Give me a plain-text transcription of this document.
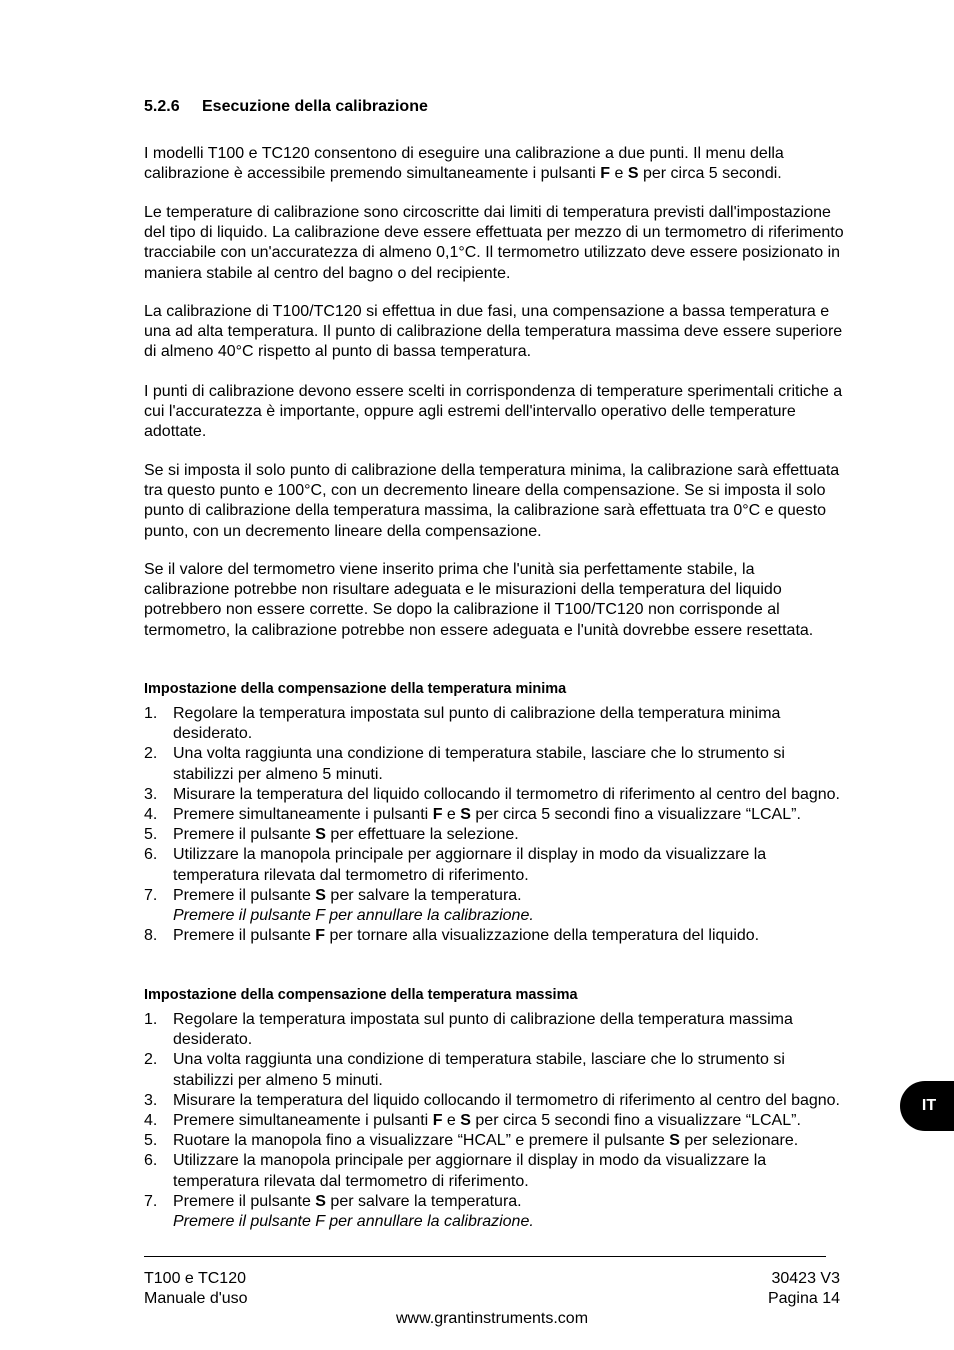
5.2.6 Esecuzione della calibrazione
I modelli T100 e TC120 consentono di eseguire una calibrazione a due punti. Il menu della calibrazione è accessibile premendo simultaneamente i pulsanti F e S per circa 5 secondi.
Le temperature di calibrazione sono circoscritte dai limiti di temperatura previsti dall'impostazione del tipo di liquido. La calibrazione deve essere effettuata per mezzo di un termometro di riferimento tracciabile con un'accuratezza di almeno 0,1°C. Il termometro utilizzato deve essere posizionato in maniera stabile al centro del bagno o del recipiente.
La calibrazione di T100/TC120 si effettua in due fasi, una compensazione a bassa temperatura e una ad alta temperatura. Il punto di calibrazione della temperatura massima deve essere superiore di almeno 40°C rispetto al punto di bassa temperatura.
I punti di calibrazione devono essere scelti in corrispondenza di temperature sperimentali critiche a cui l'accuratezza è importante, oppure agli estremi dell'intervallo operativo delle temperature adottate.
Se si imposta il solo punto di calibrazione della temperatura minima, la calibrazione sarà effettuata tra questo punto e 100°C, con un decremento lineare della compensazione. Se si imposta il solo punto di calibrazione della temperatura massima, la calibrazione sarà effettuata tra 0°C e questo punto, con un decremento lineare della compensazione.
Se il valore del termometro viene inserito prima che l'unità sia perfettamente stabile, la calibrazione potrebbe non risultare adeguata e le misurazioni della temperatura del liquido potrebbero non essere corrette. Se dopo la calibrazione il T100/TC120 non corrisponde al termometro, la calibrazione potrebbe non essere adeguata e l'unità dovrebbe essere resettata.
Impostazione della compensazione della temperatura minima
1. Regolare la temperatura impostata sul punto di calibrazione della temperatura minima desiderato.
2. Una volta raggiunta una condizione di temperatura stabile, lasciare che lo strumento si stabilizzi per almeno 5 minuti.
3. Misurare la temperatura del liquido collocando il termometro di riferimento al centro del bagno.
4. Premere simultaneamente i pulsanti F e S per circa 5 secondi fino a visualizzare “LCAL”.
5. Premere il pulsante S per effettuare la selezione.
6. Utilizzare la manopola principale per aggiornare il display in modo da visualizzare la temperatura rilevata dal termometro di riferimento.
7. Premere il pulsante S per salvare la temperatura.
Premere il pulsante F per annullare la calibrazione.
8. Premere il pulsante F per tornare alla visualizzazione della temperatura del liquido.
Impostazione della compensazione della temperatura massima
1. Regolare la temperatura impostata sul punto di calibrazione della temperatura massima desiderato.
2. Una volta raggiunta una condizione di temperatura stabile, lasciare che lo strumento si stabilizzi per almeno 5 minuti.
3. Misurare la temperatura del liquido collocando il termometro di riferimento al centro del bagno.
4. Premere simultaneamente i pulsanti F e S per circa 5 secondi fino a visualizzare “LCAL”.
5. Ruotare la manopola fino a visualizzare “HCAL” e premere il pulsante S per selezionare.
6. Utilizzare la manopola principale per aggiornare il display in modo da visualizzare la temperatura rilevata dal termometro di riferimento.
7. Premere il pulsante S per salvare la temperatura.
Premere il pulsante F per annullare la calibrazione.
IT
T100 e TC120
Manuale d'uso
30423 V3
Pagina 14
www.grantinstruments.com
